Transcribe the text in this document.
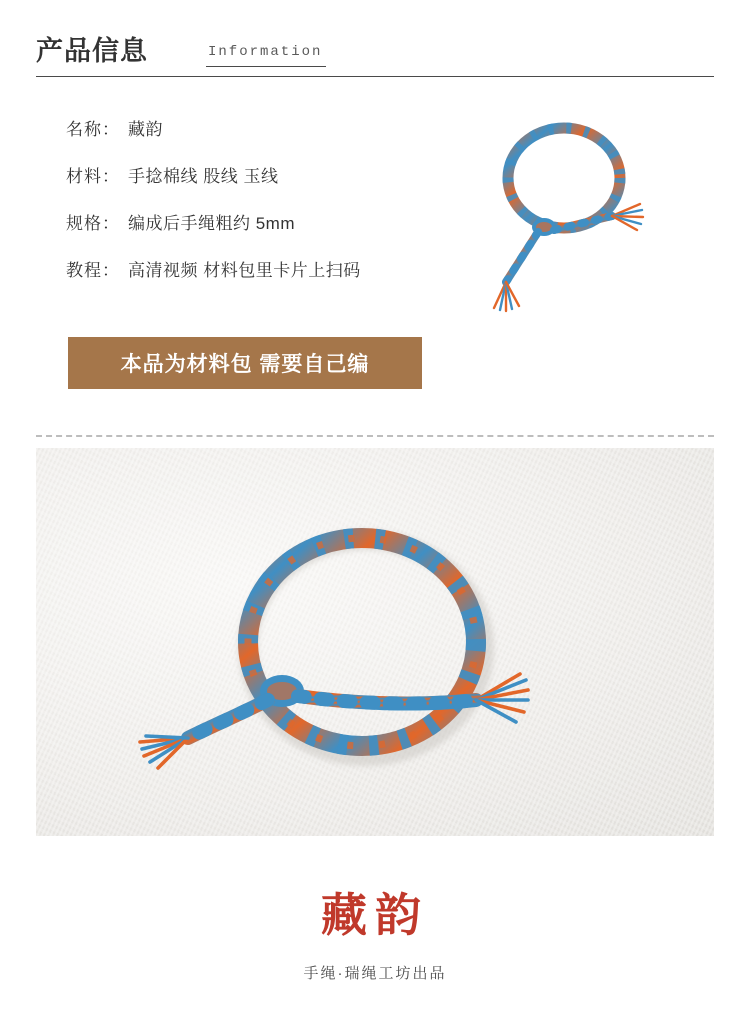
产品信息	Information
名称： 藏韵
材料： 手捻棉线 股线 玉线
规格： 编成后手绳粗约 5mm
教程： 高清视频 材料包里卡片上扫码
本品为材料包 需要自己编
藏韵
手绳·瑞绳工坊出品
